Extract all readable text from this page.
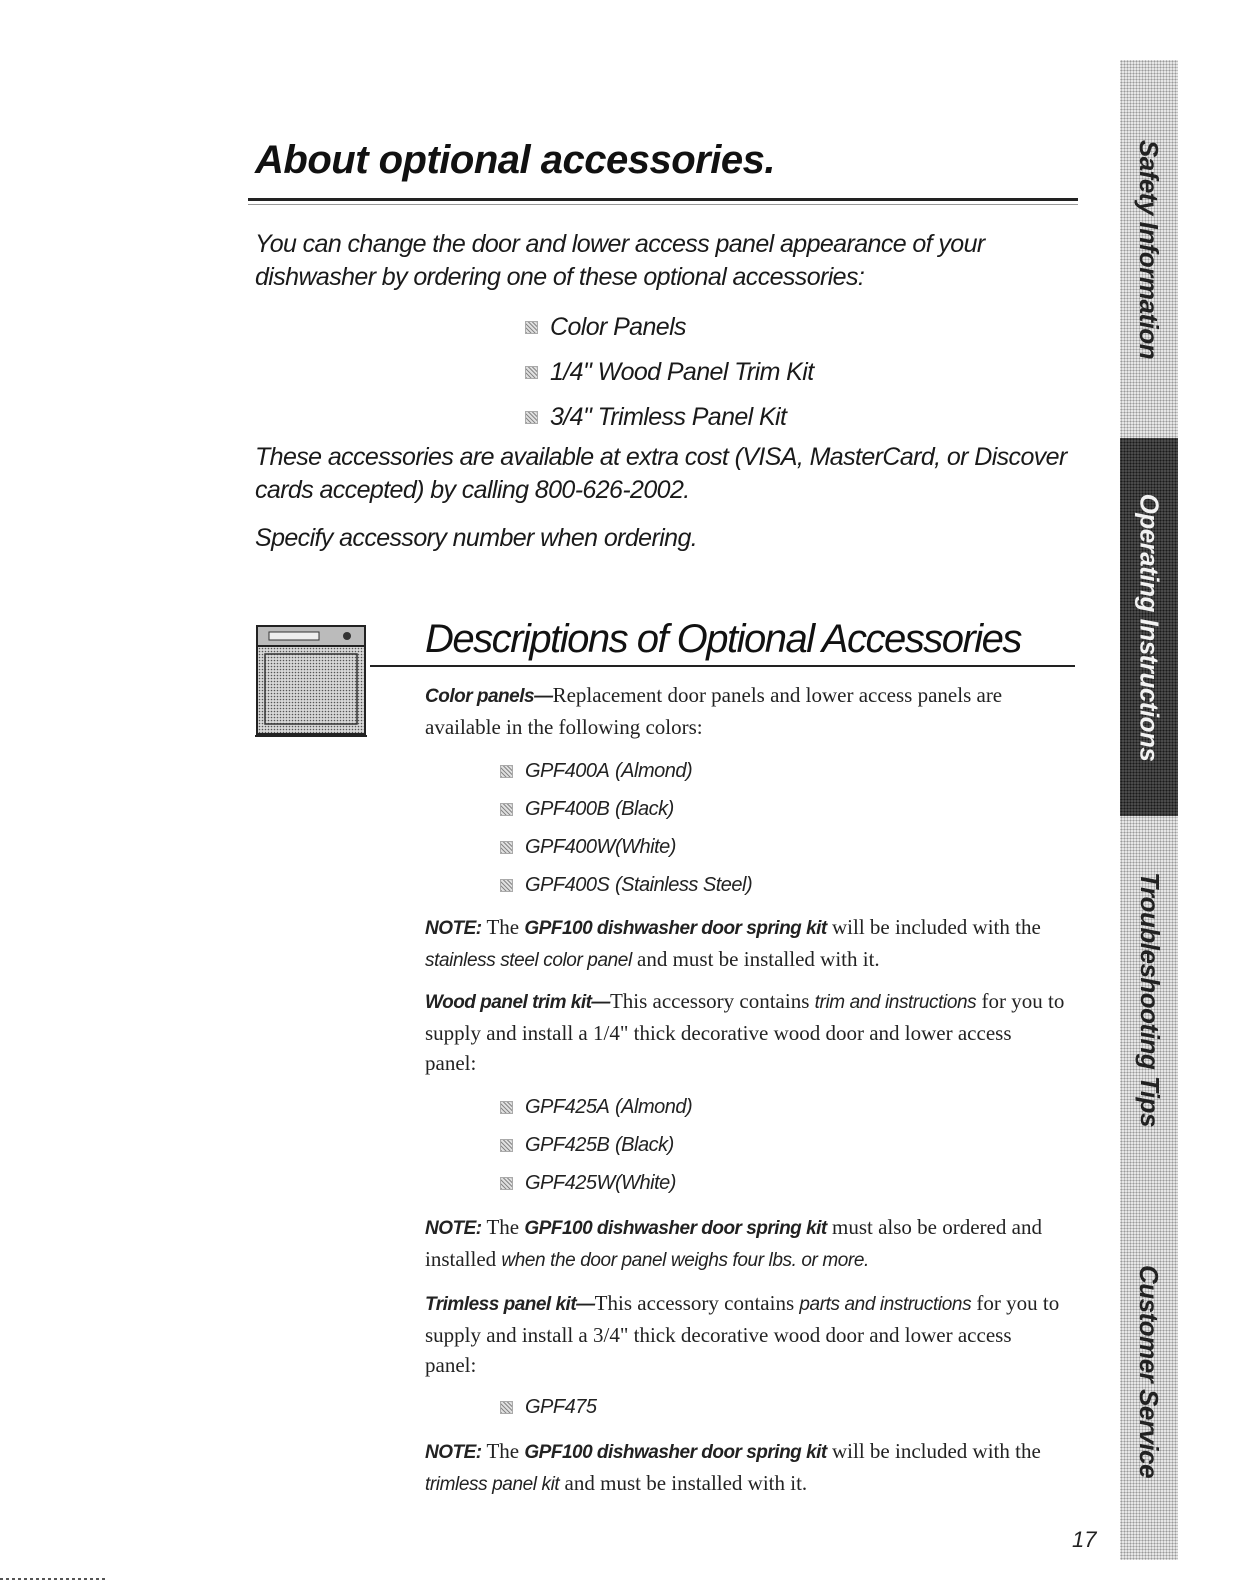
About optional accessories.
You can change the door and lower access panel appearance of your
dishwasher by ordering one of these optional accessories:
Color Panels
1/4" Wood Panel Trim Kit
3/4" Trimless Panel Kit
These accessories are available at extra cost (VISA, MasterCard, or Discover
cards accepted) by calling 800-626-2002.
Specify accessory number when ordering.
Descriptions of Optional Accessories
Color panels—Replacement door panels and lower access panels are available in the following colors:
GPF400A (Almond)
GPF400B (Black)
GPF400W (White)
GPF400S (Stainless Steel)
NOTE: The GPF100 dishwasher door spring kit will be included with the stainless steel color panel and must be installed with it.
Wood panel trim kit—This accessory contains trim and instructions for you to supply and install a 1/4" thick decorative wood door and lower access panel:
GPF425A (Almond)
GPF425B (Black)
GPF425W (White)
NOTE: The GPF100 dishwasher door spring kit must also be ordered and installed when the door panel weighs four lbs. or more.
Trimless panel kit—This accessory contains parts and instructions for you to supply and install a 3/4" thick decorative wood door and lower access panel:
GPF475
NOTE: The GPF100 dishwasher door spring kit will be included with the trimless panel kit and must be installed with it.
Safety Information
Operating Instructions
Troubleshooting Tips
Customer Service
17
